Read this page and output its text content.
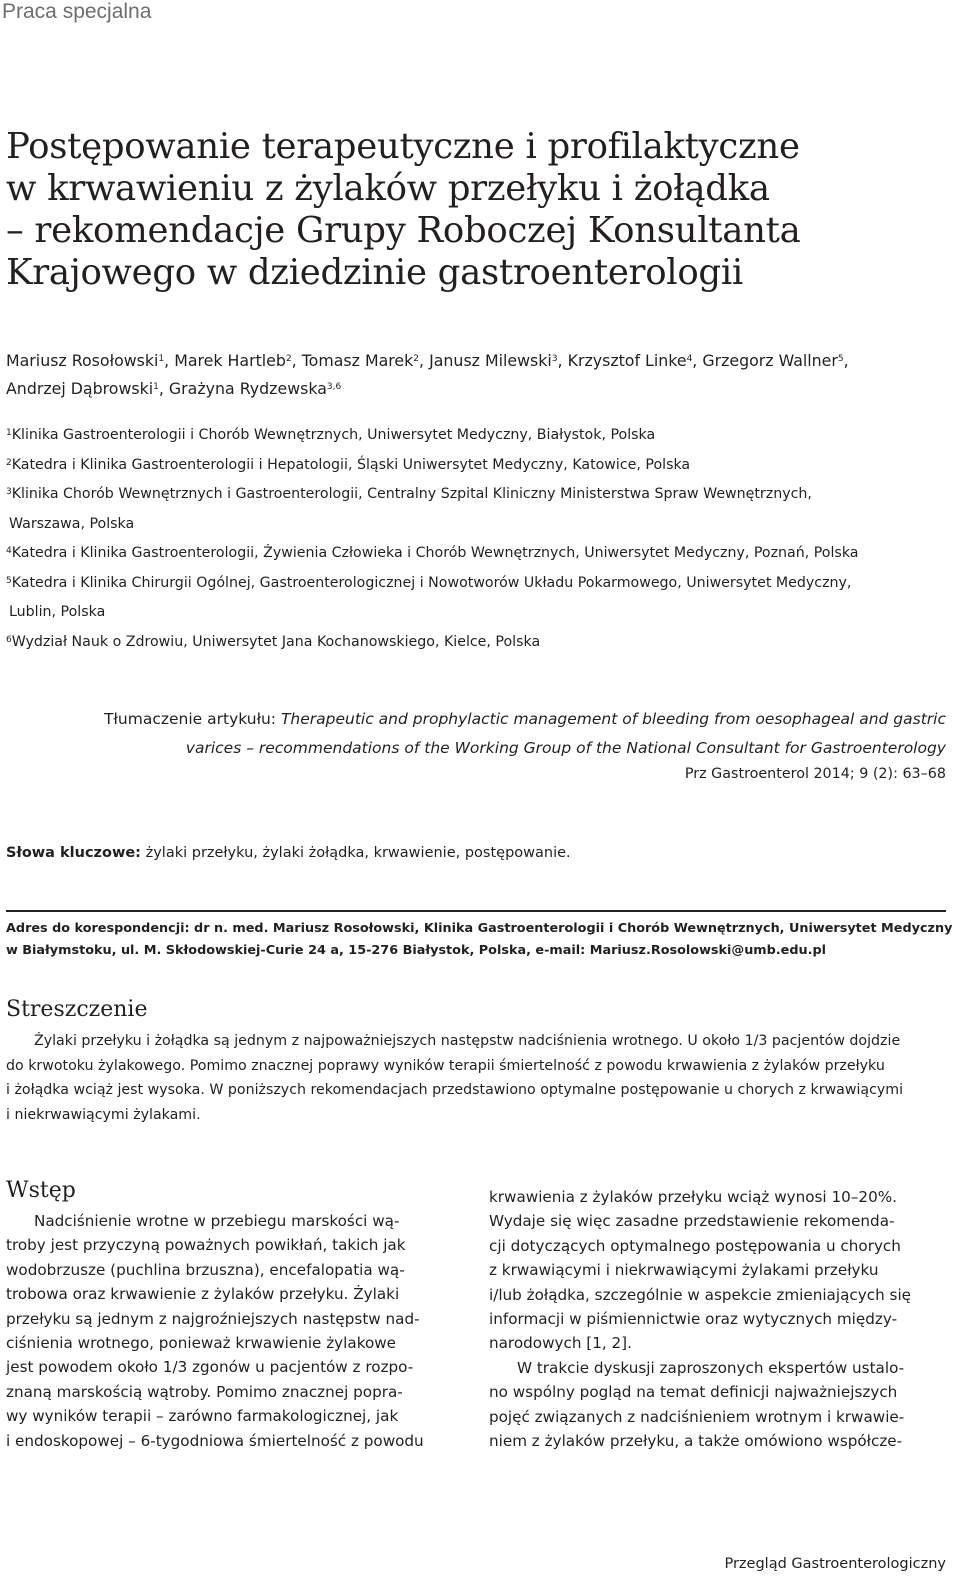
Praca specjalna
Postępowanie terapeutyczne i profilaktyczne
w krwawieniu z żylaków przełyku i żołądka
– rekomendacje Grupy Roboczej Konsultanta
Krajowego w dziedzinie gastroenterologii
Mariusz Rosołowski$^1$, Marek Hartleb$^2$, Tomasz Marek$^2$, Janusz Milewski$^3$, Krzysztof Linke$^4$, Grzegorz Wallner$^5$,
Andrzej Dąbrowski$^1$, Grażyna Rydzewska$^{3,6}$
$^1$Klinika Gastroenterologii i Chorób Wewnętrznych, Uniwersytet Medyczny, Białystok, Polska
$^2$Katedra i Klinika Gastroenterologii i Hepatologii, Śląski Uniwersytet Medyczny, Katowice, Polska
$^3$Klinika Chorób Wewnętrznych i Gastroenterologii, Centralny Szpital Kliniczny Ministerstwa Spraw Wewnętrznych,
Warszawa, Polska
$^4$Katedra i Klinika Gastroenterologii, Żywienia Człowieka i Chorób Wewnętrznych, Uniwersytet Medyczny, Poznań, Polska
$^5$Katedra i Klinika Chirurgii Ogólnej, Gastroenterologicznej i Nowotworów Układu Pokarmowego, Uniwersytet Medyczny,
Lublin, Polska
$^6$Wydział Nauk o Zdrowiu, Uniwersytet Jana Kochanowskiego, Kielce, Polska
Tłumaczenie artykułu: Therapeutic and prophylactic management of bleeding from oesophageal and gastric
varices – recommendations of the Working Group of the National Consultant for Gastroenterology
Prz Gastroenterol 2014; 9 (2): 63–68
Słowa kluczowe: żylaki przełyku, żylaki żołądka, krwawienie, postępowanie.
Adres do korespondencji: dr n. med. Mariusz Rosołowski, Klinika Gastroenterologii i Chorób Wewnętrznych, Uniwersytet Medyczny
w Białymstoku, ul. M. Skłodowskiej-Curie 24 a, 15-276 Białystok, Polska, e-mail: Mariusz.Rosolowski@umb.edu.pl
Streszczenie
Żylaki przełyku i żołądka są jednym z najpoważniejszych następstw nadciśnienia wrotnego. U około 1/3 pacjentów dojdzie
do krwotoku żylakowego. Pomimo znacznej poprawy wyników terapii śmiertelność z powodu krwawienia z żylaków przełyku
i żołądka wciąż jest wysoka. W poniższych rekomendacjach przedstawiono optymalne postępowanie u chorych z krwawiącymi
i niekrwawiącymi żylakami.
Wstęp
Nadciśnienie wrotne w przebiegu marskości wą-
troby jest przyczyną poważnych powikłań, takich jak
wodobrzusze (puchlina brzuszna), encefalopatia wą-
trobowa oraz krwawienie z żylaków przełyku. Żylaki
przełyku są jednym z najgroźniejszych następstw nad-
ciśnienia wrotnego, ponieważ krwawienie żylakowe
jest powodem około 1/3 zgonów u pacjentów z rozpo-
znaną marskością wątroby. Pomimo znacznej popra-
wy wyników terapii – zarówno farmakologicznej, jak
i endoskopowej – 6-tygodniowa śmiertelność z powodu
krwawienia z żylaków przełyku wciąż wynosi 10–20%.
Wydaje się więc zasadne przedstawienie rekomenda-
cji dotyczących optymalnego postępowania u chorych
z krwawiącymi i niekrwawiącymi żylakami przełyku
i/lub żołądka, szczególnie w aspekcie zmieniających się
informacji w piśmiennictwie oraz wytycznych między-
narodowych [1, 2].
W trakcie dyskusji zaproszonych ekspertów ustalo-
no wspólny pogląd na temat definicji najważniejszych
pojęć związanych z nadciśnieniem wrotnym i krwawie-
niem z żylaków przełyku, a także omówiono współcze-
Przegląd Gastroenterologiczny
